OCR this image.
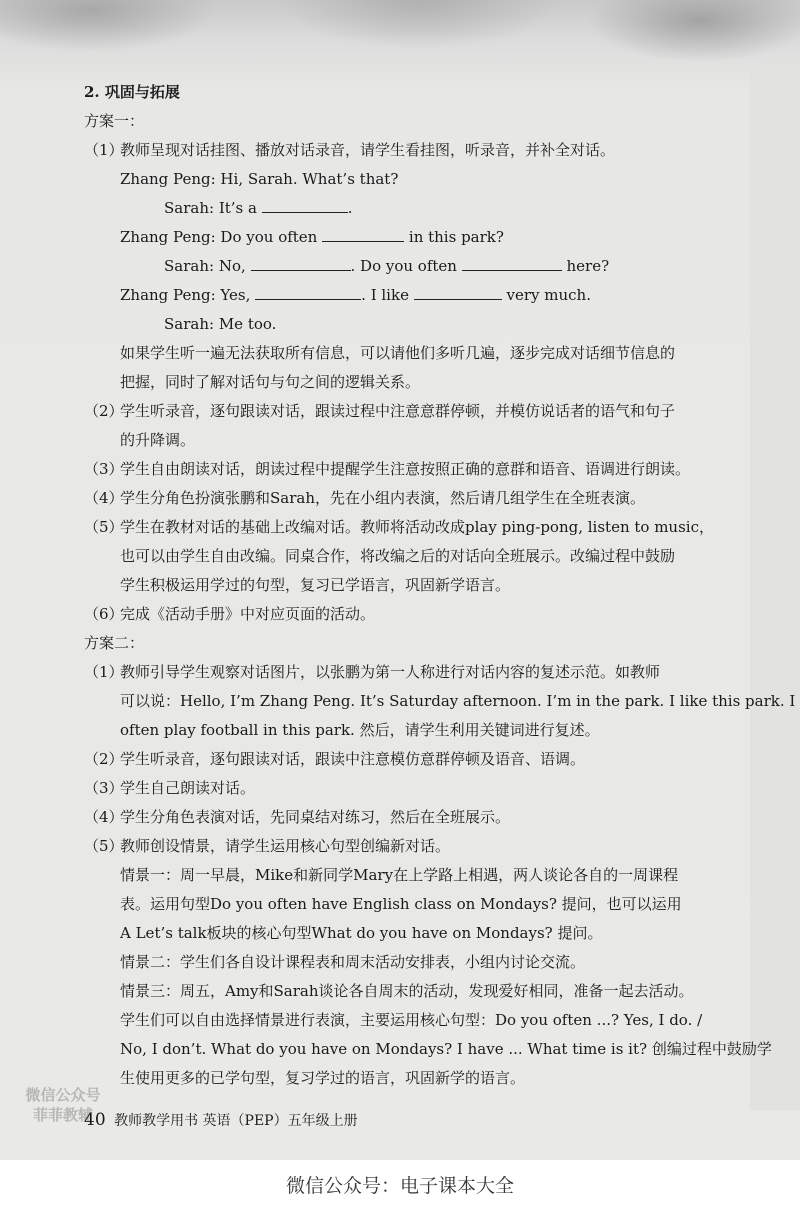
2. 巩固与拓展
方案一：
（1）教师呈现对话挂图、播放对话录音，请学生看挂图，听录音，并补全对话。
Zhang Peng: Hi, Sarah. What’s that?
Sarah: It’s a	.
Zhang Peng: Do you often	in this park?
Sarah: No,	. Do you often	here?
Zhang Peng: Yes,	. I like	very much.
Sarah: Me too.
如果学生听一遍无法获取所有信息，可以请他们多听几遍，逐步完成对话细节信息的
把握，同时了解对话句与句之间的逻辑关系。
（2）学生听录音，逐句跟读对话，跟读过程中注意意群停顿，并模仿说话者的语气和句子
的升降调。
（3）学生自由朗读对话，朗读过程中提醒学生注意按照正确的意群和语音、语调进行朗读。
（4）学生分角色扮演张鹏和Sarah，先在小组内表演，然后请几组学生在全班表演。
（5）学生在教材对话的基础上改编对话。教师将活动改成play ping-pong, listen to music，
也可以由学生自由改编。同桌合作，将改编之后的对话向全班展示。改编过程中鼓励
学生积极运用学过的句型，复习已学语言，巩固新学语言。
（6）完成《活动手册》中对应页面的活动。
方案二：
（1）教师引导学生观察对话图片，以张鹏为第一人称进行对话内容的复述示范。如教师
可以说：Hello, I’m Zhang Peng. It’s Saturday afternoon. I’m in the park. I like this park. I
often play football in this park. 然后，请学生利用关键词进行复述。
（2）学生听录音，逐句跟读对话，跟读中注意模仿意群停顿及语音、语调。
（3）学生自己朗读对话。
（4）学生分角色表演对话，先同桌结对练习，然后在全班展示。
（5）教师创设情景，请学生运用核心句型创编新对话。
情景一：周一早晨，Mike和新同学Mary在上学路上相遇，两人谈论各自的一周课程
表。运用句型Do you often have English class on Mondays? 提问，也可以运用
A Let’s talk板块的核心句型What do you have on Mondays? 提问。
情景二：学生们各自设计课程表和周末活动安排表，小组内讨论交流。
情景三：周五，Amy和Sarah谈论各自周末的活动，发现爱好相同，准备一起去活动。
学生们可以自由选择情景进行表演，主要运用核心句型：Do you often ...? Yes, I do. /
No, I don’t. What do you have on Mondays? I have ... What time is it? 创编过程中鼓励学
生使用更多的已学句型，复习学过的语言，巩固新学的语言。
微信公众号
菲菲教辅
40 教师教学用书 英语（PEP）五年级上册
微信公众号：电子课本大全
